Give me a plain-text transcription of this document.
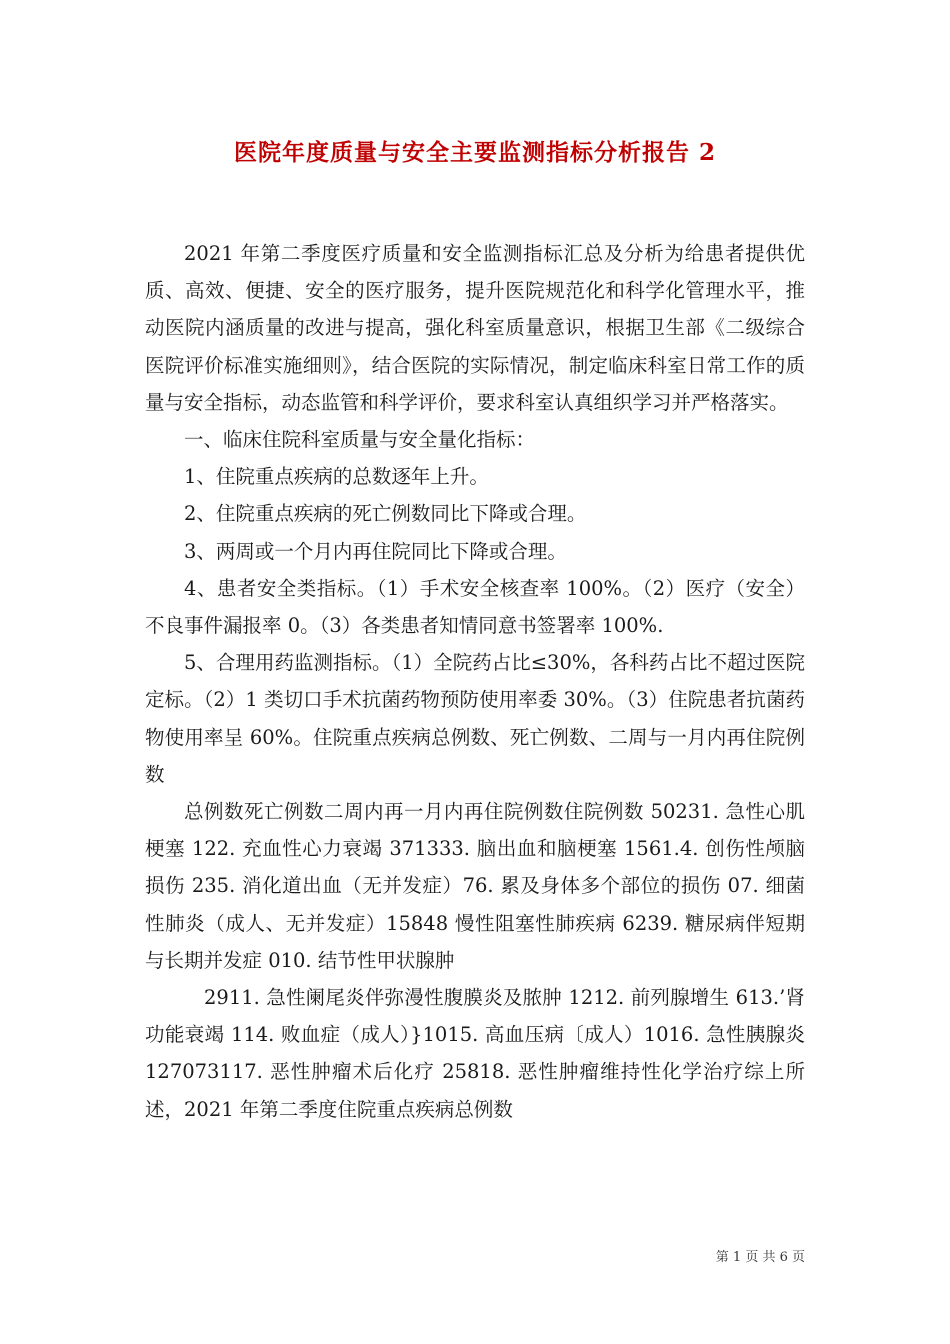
医院年度质量与安全主要监测指标分析报告 2

2021 年第二季度医疗质量和安全监测指标汇总及分析为给患者提供优质、高效、便捷、安全的医疗服务，提升医院规范化和科学化管理水平，推动医院内涵质量的改进与提高，强化科室质量意识，根据卫生部《二级综合医院评价标准实施细则》，结合医院的实际情况，制定临床科室日常工作的质量与安全指标，动态监管和科学评价，要求科室认真组织学习并严格落实。

一、临床住院科室质量与安全量化指标：

1、住院重点疾病的总数逐年上升。

2、住院重点疾病的死亡例数同比下降或合理。

3、两周或一个月内再住院同比下降或合理。

4、患者安全类指标。（1）手术安全核查率 100%。（2）医疗（安全）不良事件漏报率 0。（3）各类患者知情同意书签署率 100%.

5、合理用药监测指标。（1）全院药占比≤30%，各科药占比不超过医院定标。（2）1 类切口手术抗菌药物预防使用率委 30%。（3）住院患者抗菌药物使用率呈 60%。住院重点疾病总例数、死亡例数、二周与一月内再住院例数

总例数死亡例数二周内再一月内再住院例数住院例数 50231. 急性心肌梗塞 122. 充血性心力衰竭 371333. 脑出血和脑梗塞 1561.4. 创伤性颅脑损伤 235. 消化道出血（无并发症）76. 累及身体多个部位的损伤 07. 细菌性肺炎（成人、无并发症）15848 慢性阻塞性肺疾病 6239. 糖尿病伴短期与长期并发症 010. 结节性甲状腺肿

2911. 急性阑尾炎伴弥漫性腹膜炎及脓肿 1212. 前列腺增生 613.’肾功能衰竭 114. 败血症（成人）}1015. 高血压病〔成人）1016. 急性胰腺炎 127073117. 恶性肿瘤术后化疗 25818. 恶性肿瘤维持性化学治疗综上所述，2021 年第二季度住院重点疾病总例数

第 1 页 共 6 页
